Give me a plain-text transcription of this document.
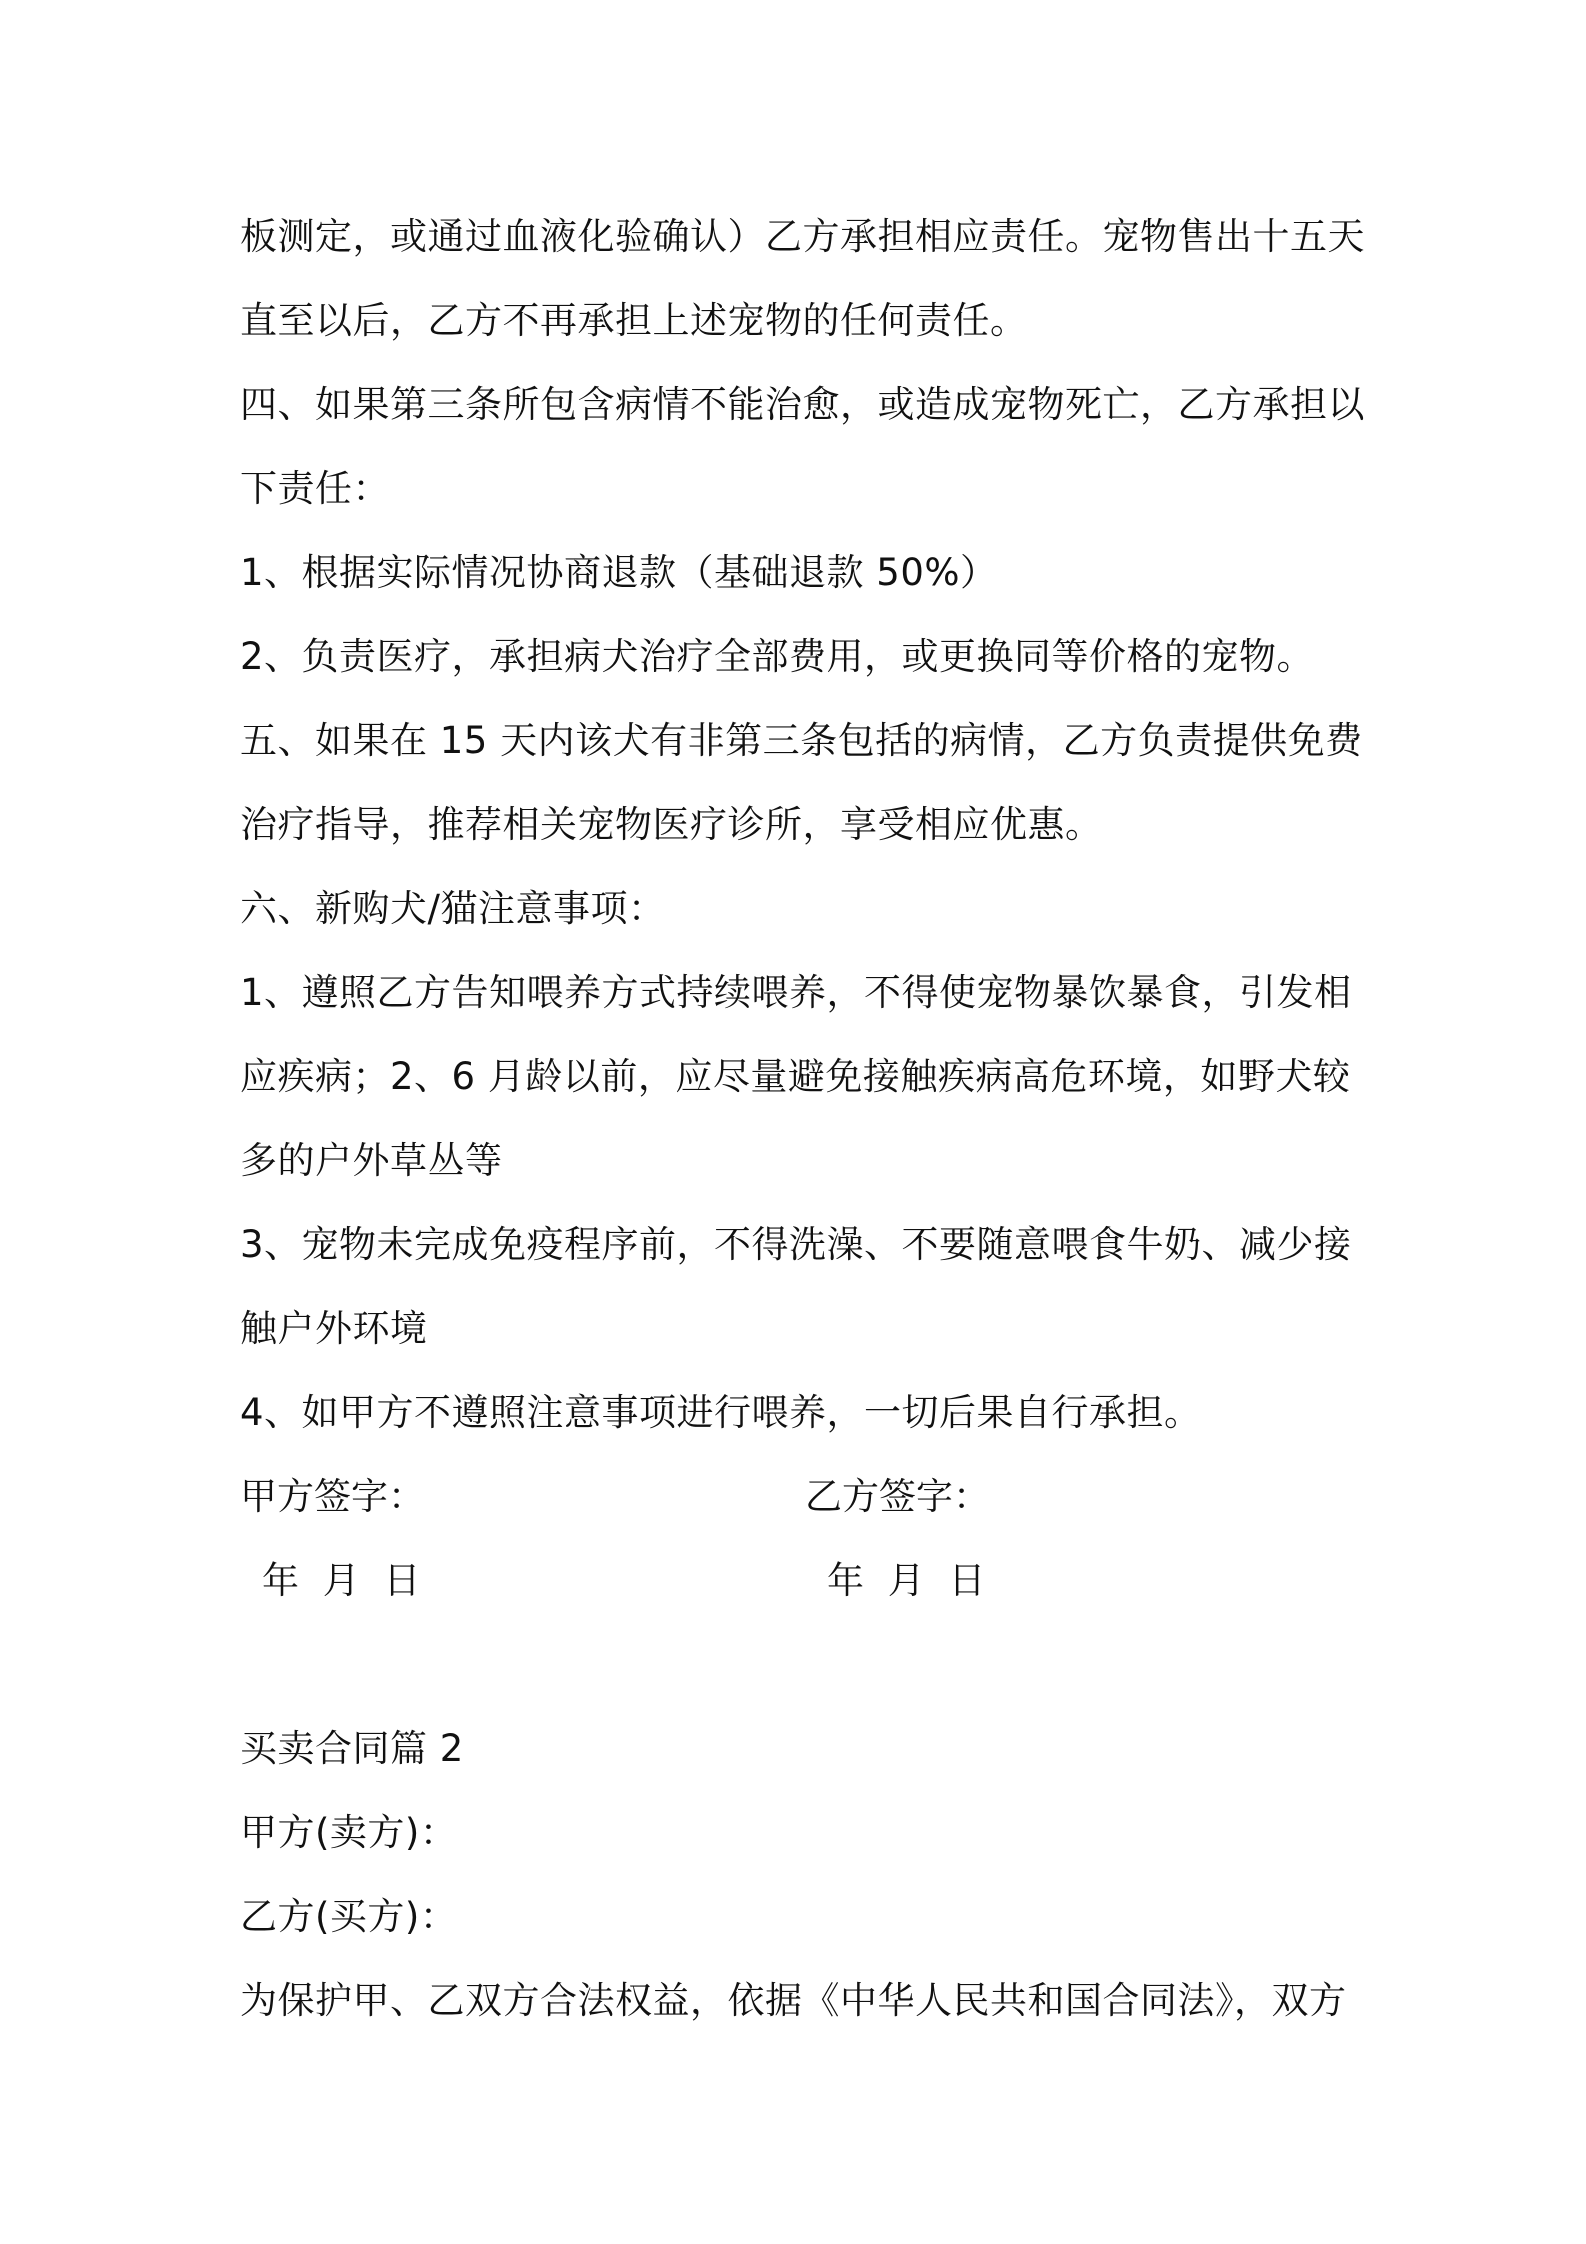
板测定，或通过血液化验确认）乙方承担相应责任。宠物售出十五天
直至以后，乙方不再承担上述宠物的任何责任。
四、如果第三条所包含病情不能治愈，或造成宠物死亡，乙方承担以
下责任：
1、根据实际情况协商退款（基础退款 50%）
2、负责医疗，承担病犬治疗全部费用，或更换同等价格的宠物。
五、如果在 15 天内该犬有非第三条包括的病情，乙方负责提供免费
治疗指导，推荐相关宠物医疗诊所，享受相应优惠。
六、新购犬/猫注意事项：
1、遵照乙方告知喂养方式持续喂养，不得使宠物暴饮暴食，引发相
应疾病；2、6 月龄以前，应尽量避免接触疾病高危环境，如野犬较
多的户外草丛等
3、宠物未完成免疫程序前，不得洗澡、不要随意喂食牛奶、减少接
触户外环境
4、如甲方不遵照注意事项进行喂养，一切后果自行承担。
甲方签字：	乙方签字：
年 月 日	年 月 日
买卖合同篇 2
甲方(卖方)：
乙方(买方)：
为保护甲、乙双方合法权益，依据《中华人民共和国合同法》，双方
